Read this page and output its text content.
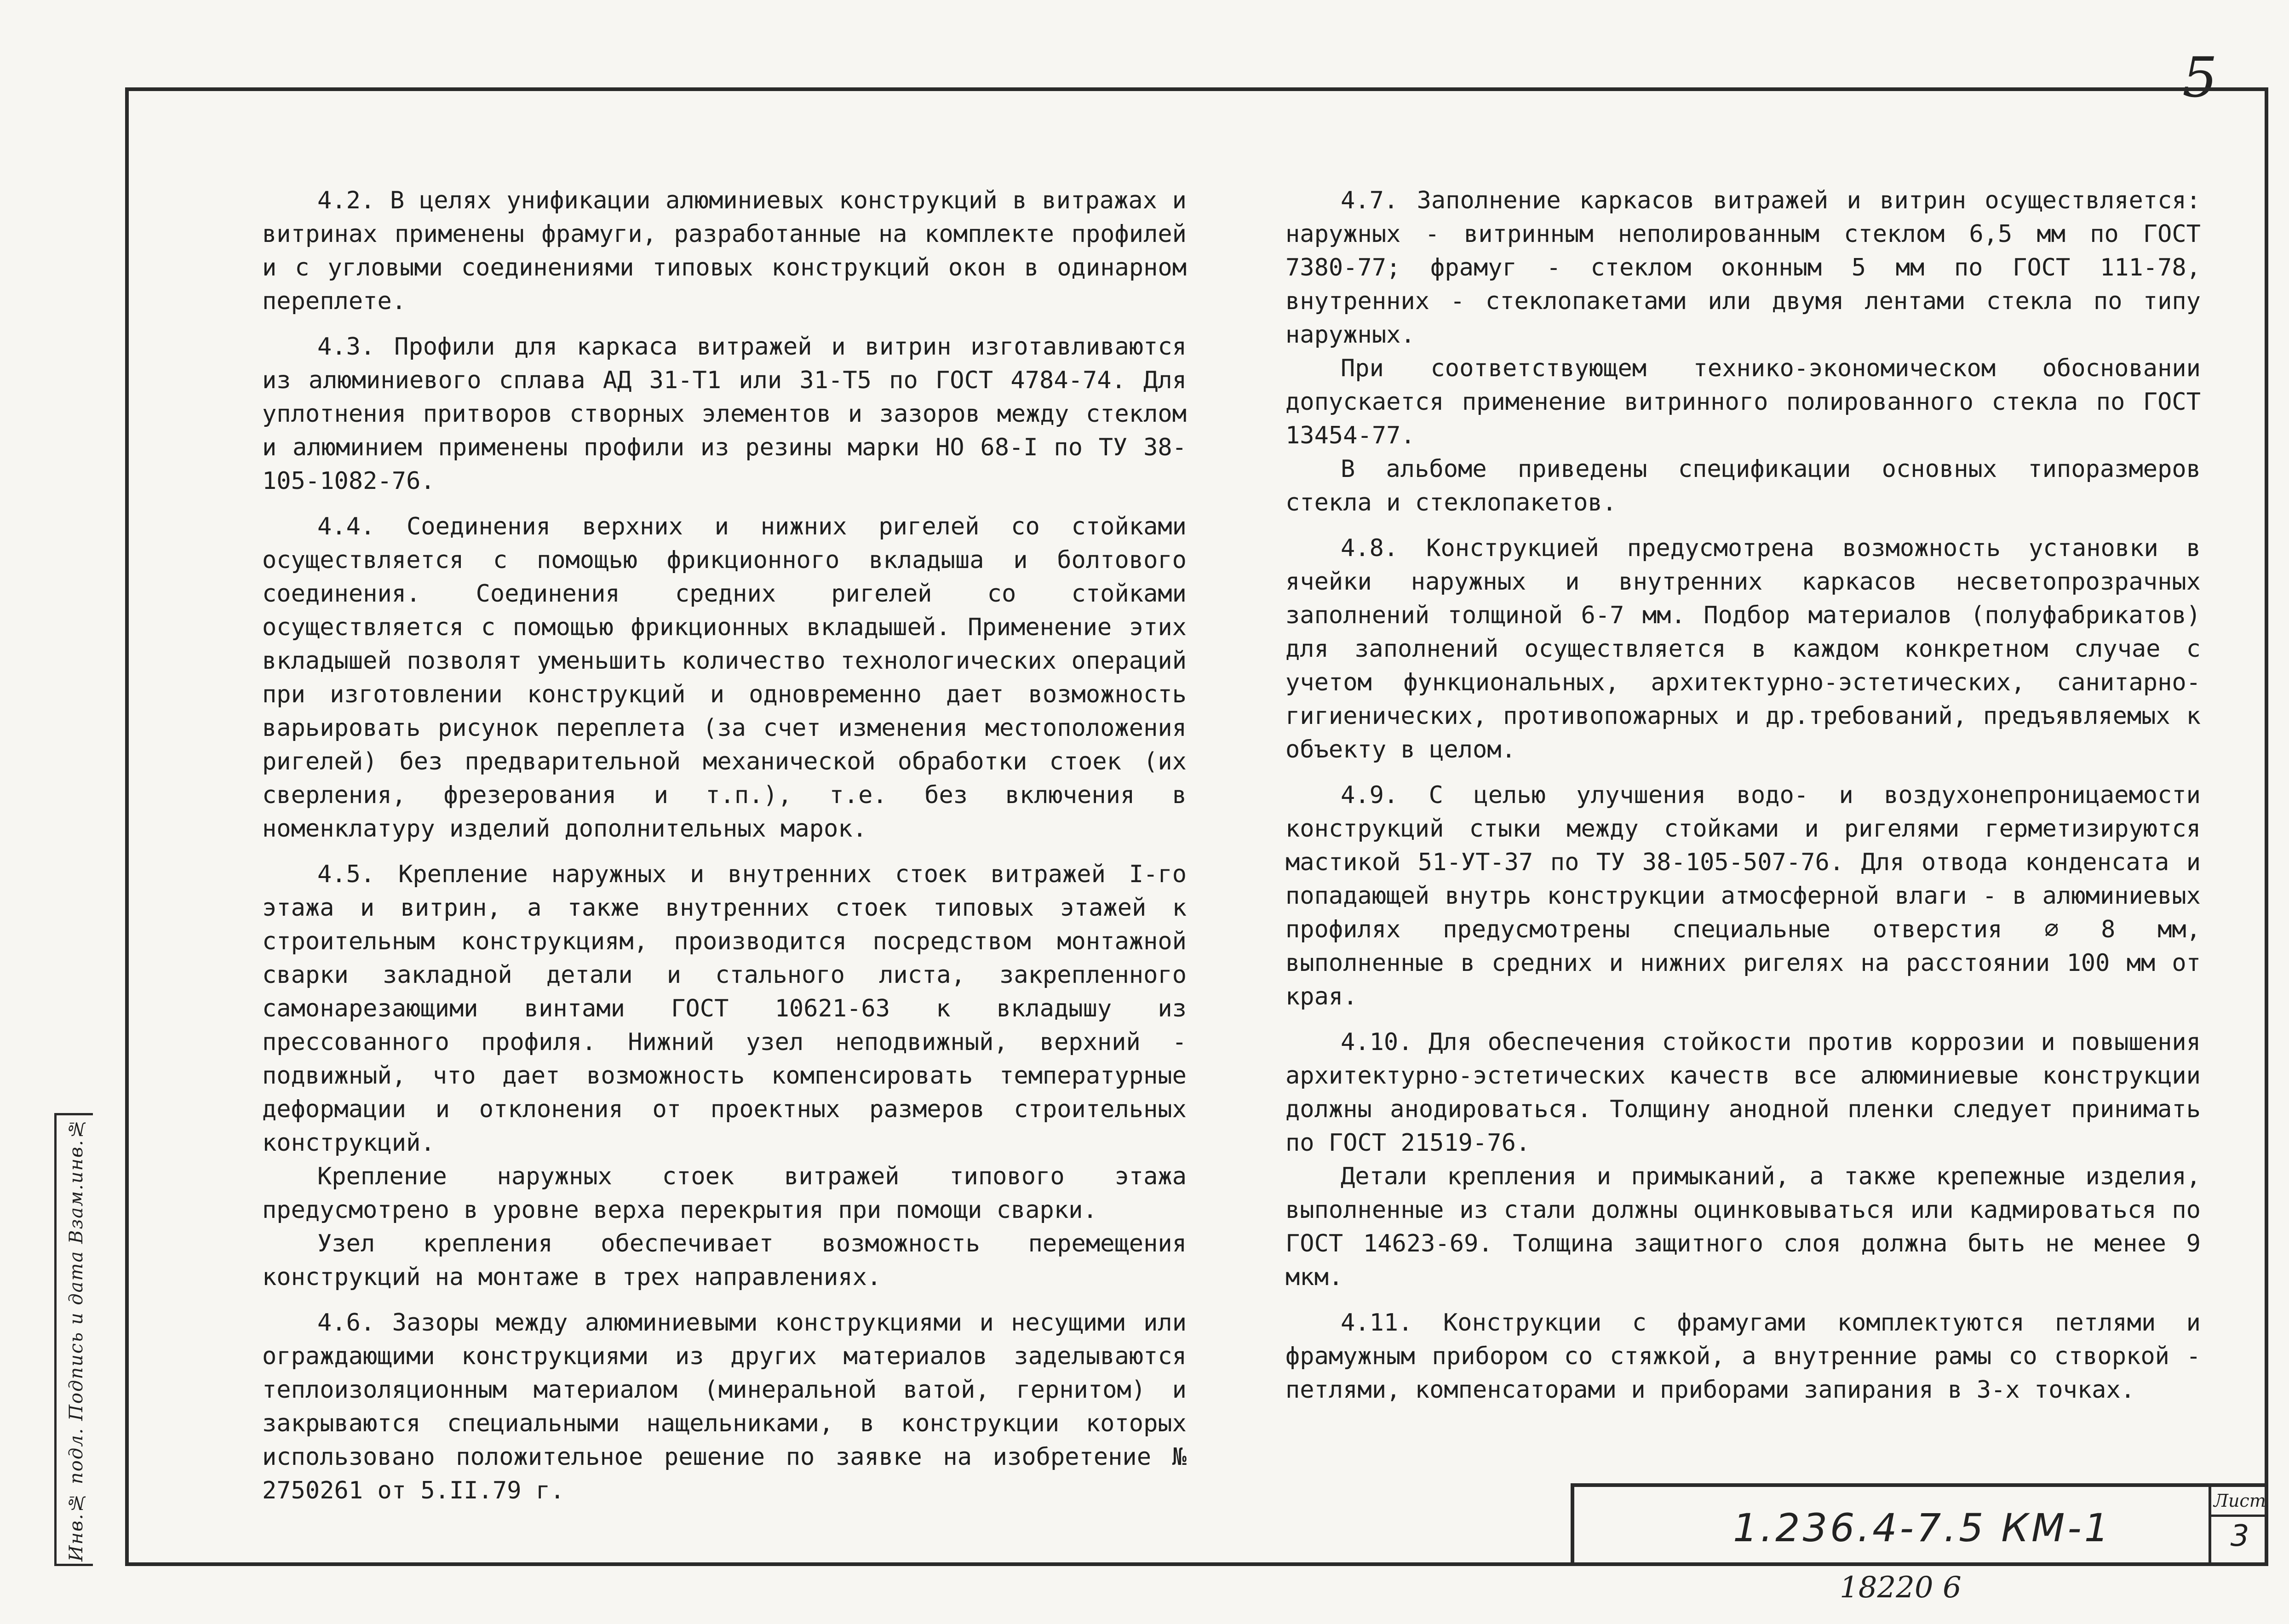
5
Инв.№ подл. Подпись и дата Взам.инв.№

4.2. В целях унификации алюминиевых конструкций в витражах и витринах применены фрамуги, разработанные на комплекте профилей и с угловыми соединениями типовых конструкций окон в одинарном переплете.

4.3. Профили для каркаса витражей и витрин изготавливаются из алюминиевого сплава АД 31-Т1 или 31-Т5 по ГОСТ 4784-74. Для уплотнения притворов створных элементов и зазоров между стеклом и алюминием применены профили из резины марки НО 68-I по ТУ 38-105-1082-76.

4.4. Соединения верхних и нижних ригелей со стойками осуществляется с помощью фрикционного вкладыша и болтового соединения. Соединения средних ригелей со стойками осуществляется с помощью фрикционных вкладышей. Применение этих вкладышей позволят уменьшить количество технологических операций при изготовлении конструкций и одновременно дает возможность варьировать рисунок переплета (за счет изменения местоположения ригелей) без предварительной механической обработки стоек (их сверления, фрезерования и т.п.), т.е. без включения в номенклатуру изделий дополнительных марок.

4.5. Крепление наружных и внутренних стоек витражей I-го этажа и витрин, а также внутренних стоек типовых этажей к строительным конструкциям, производится посредством монтажной сварки закладной детали и стального листа, закрепленного самонарезающими винтами ГОСТ 10621-63 к вкладышу из прессованного профиля. Нижний узел неподвижный, верхний - подвижный, что дает возможность компенсировать температурные деформации и отклонения от проектных размеров строительных конструкций.

Крепление наружных стоек витражей типового этажа предусмотрено в уровне верха перекрытия при помощи сварки.

Узел крепления обеспечивает возможность перемещения конструкций на монтаже в трех направлениях.

4.6. Зазоры между алюминиевыми конструкциями и несущими или ограждающими конструкциями из других материалов заделываются теплоизоляционным материалом (минеральной ватой, гернитом) и закрываются специальными нащельниками, в конструкции которых использовано положительное решение по заявке на изобретение № 2750261 от 5.II.79 г.

4.7. Заполнение каркасов витражей и витрин осуществляется: наружных - витринным неполированным стеклом 6,5 мм по ГОСТ 7380-77; фрамуг - стеклом оконным 5 мм по ГОСТ 111-78, внутренних - стеклопакетами или двумя лентами стекла по типу наружных.

При соответствующем технико-экономическом обосновании допускается применение витринного полированного стекла по ГОСТ 13454-77.

В альбоме приведены спецификации основных типоразмеров стекла и стеклопакетов.

4.8. Конструкцией предусмотрена возможность установки в ячейки наружных и внутренних каркасов несветопрозрачных заполнений толщиной 6-7 мм. Подбор материалов (полуфабрикатов) для заполнений осуществляется в каждом конкретном случае с учетом функциональных, архитектурно-эстетических, санитарно-гигиенических, противопожарных и др.требований, предъявляемых к объекту в целом.

4.9. С целью улучшения водо- и воздухонепроницаемости конструкций стыки между стойками и ригелями герметизируются мастикой 51-УТ-37 по ТУ 38-105-507-76. Для отвода конденсата и попадающей внутрь конструкции атмосферной влаги - в алюминиевых профилях предусмотрены специальные отверстия ⌀ 8 мм, выполненные в средних и нижних ригелях на расстоянии 100 мм от края.

4.10. Для обеспечения стойкости против коррозии и повышения архитектурно-эстетических качеств все алюминиевые конструкции должны анодироваться. Толщину анодной пленки следует принимать по ГОСТ 21519-76.

Детали крепления и примыканий, а также крепежные изделия, выполненные из стали должны оцинковываться или кадмироваться по ГОСТ 14623-69. Толщина защитного слоя должна быть не менее 9 мкм.

4.11. Конструкции с фрамугами комплектуются петлями и фрамужным прибором со стяжкой, а внутренние рамы со створкой - петлями, компенсаторами и приборами запирания в 3-х точках.

1.236.4-7.5 КМ-1
Лист
3
18220 6
